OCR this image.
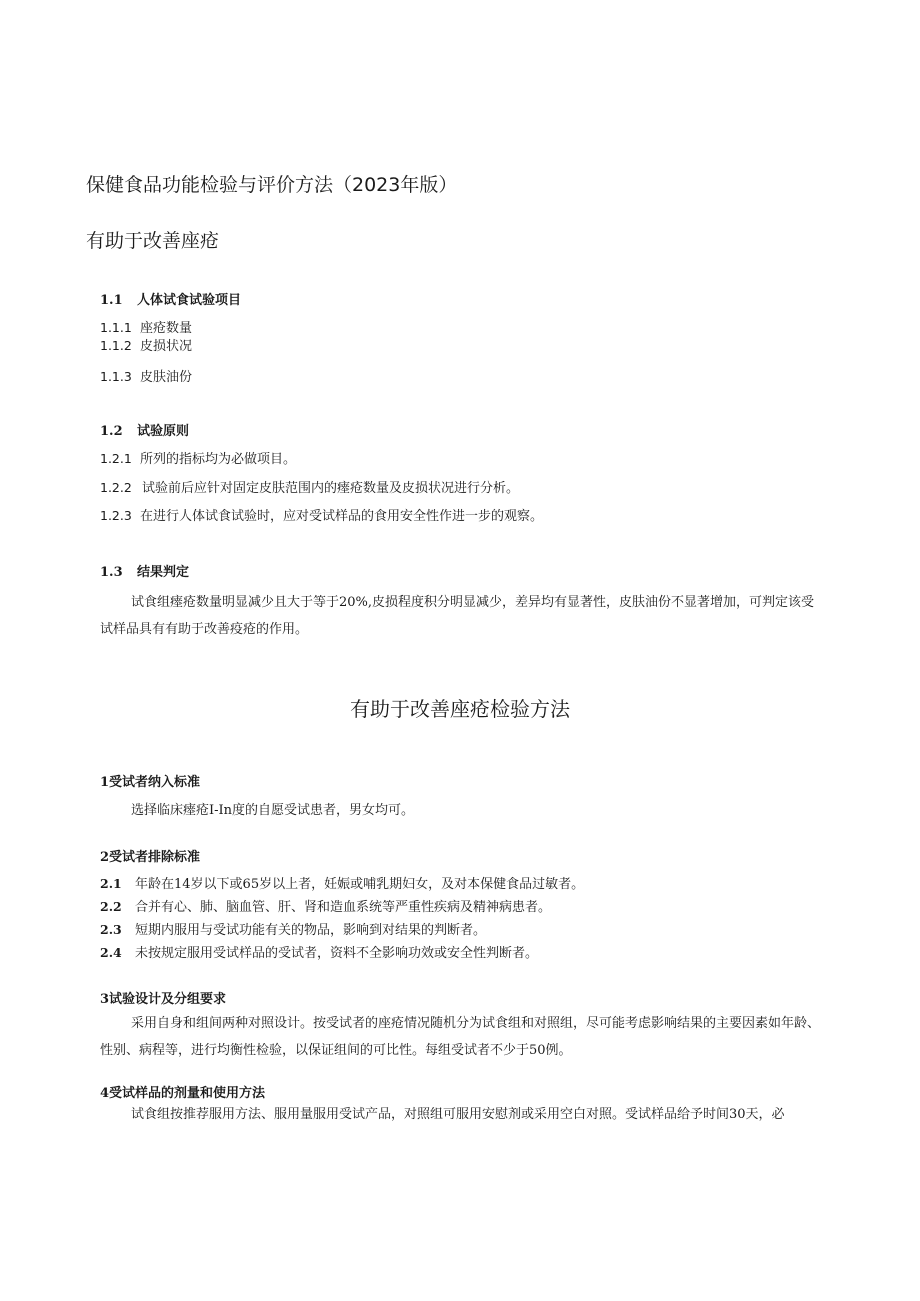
保健食品功能检验与评价方法（2023年版）
有助于改善座疮
1.1 人体试食试验项目
1.1.1 座疮数量
1.1.2 皮损状况
1.1.3 皮肤油份
1.2 试验原则
1.2.1 所列的指标均为必做项目。
1.2.2 试验前后应针对固定皮肤范围内的瘗疮数量及皮损状况进行分析。
1.2.3 在进行人体试食试验时，应对受试样品的食用安全性作进一步的观察。
1.3 结果判定
试食组瘗疮数量明显减少且大于等于20%,皮损程度积分明显减少，差异均有显著性，皮肤油份不显著增加，可判定该受试样品具有有助于改善疫疮的作用。
有助于改善座疮检验方法
1受试者纳入标准
选择临床瘗疮I-In度的自愿受试患者，男女均可。
2受试者排除标准
2.1 年龄在14岁以下或65岁以上者，妊娠或哺乳期妇女，及对本保健食品过敏者。
2.2 合并有心、肺、脑血管、肝、肾和造血系统等严重性疾病及精神病患者。
2.3 短期内服用与受试功能有关的物品，影响到对结果的判断者。
2.4 未按规定服用受试样品的受试者，资料不全影响功效或安全性判断者。
3试验设计及分组要求
采用自身和组间两种对照设计。按受试者的座疮情况随机分为试食组和对照组，尽可能考虑影响结果的主要因素如年龄、性别、病程等，进行均衡性检验，以保证组间的可比性。每组受试者不少于50例。
4受试样品的剂量和使用方法
试食组按推荐服用方法、服用量服用受试产品，对照组可服用安慰剂或采用空白对照。受试样品给予时间30天，必
